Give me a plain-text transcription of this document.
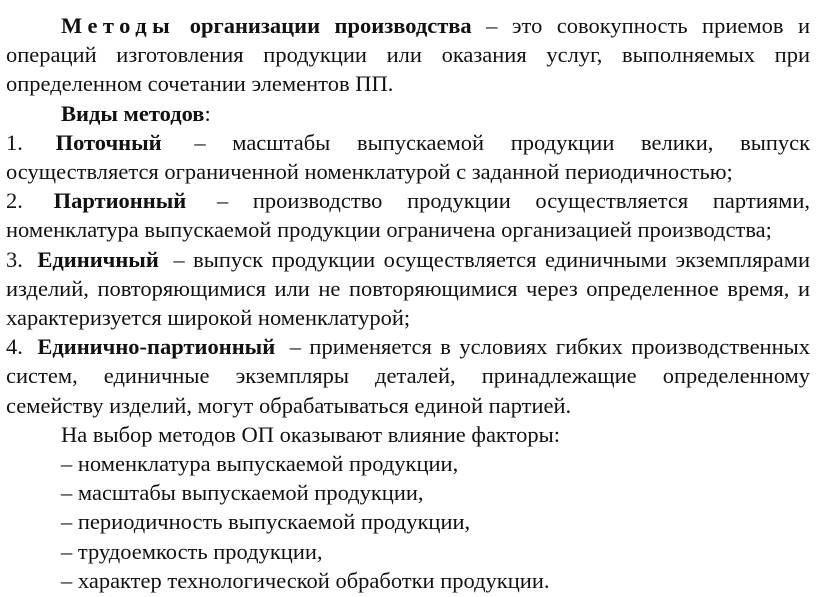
Методы организации производства – это совокупность приемов и операций изготовления продукции или оказания услуг, выполняемых при определенном сочетании элементов ПП.

Виды методов:

1. Поточный – масштабы выпускаемой продукции велики, выпуск осуществляется ограниченной номенклатурой с заданной периодичностью;

2. Партионный – производство продукции осуществляется партиями, номенклатура выпускаемой продукции ограничена организацией производства;

3. Единичный – выпуск продукции осуществляется единичными экземплярами изделий, повторяющимися или не повторяющимися через определенное время, и характеризуется широкой номенклатурой;

4. Единично-партионный – применяется в условиях гибких производственных систем, единичные экземпляры деталей, принадлежащие определенному семейству изделий, могут обрабатываться единой партией.

На выбор методов ОП оказывают влияние факторы:

– номенклатура выпускаемой продукции,

– масштабы выпускаемой продукции,

– периодичность выпускаемой продукции,

– трудоемкость продукции,

– характер технологической обработки продукции.
